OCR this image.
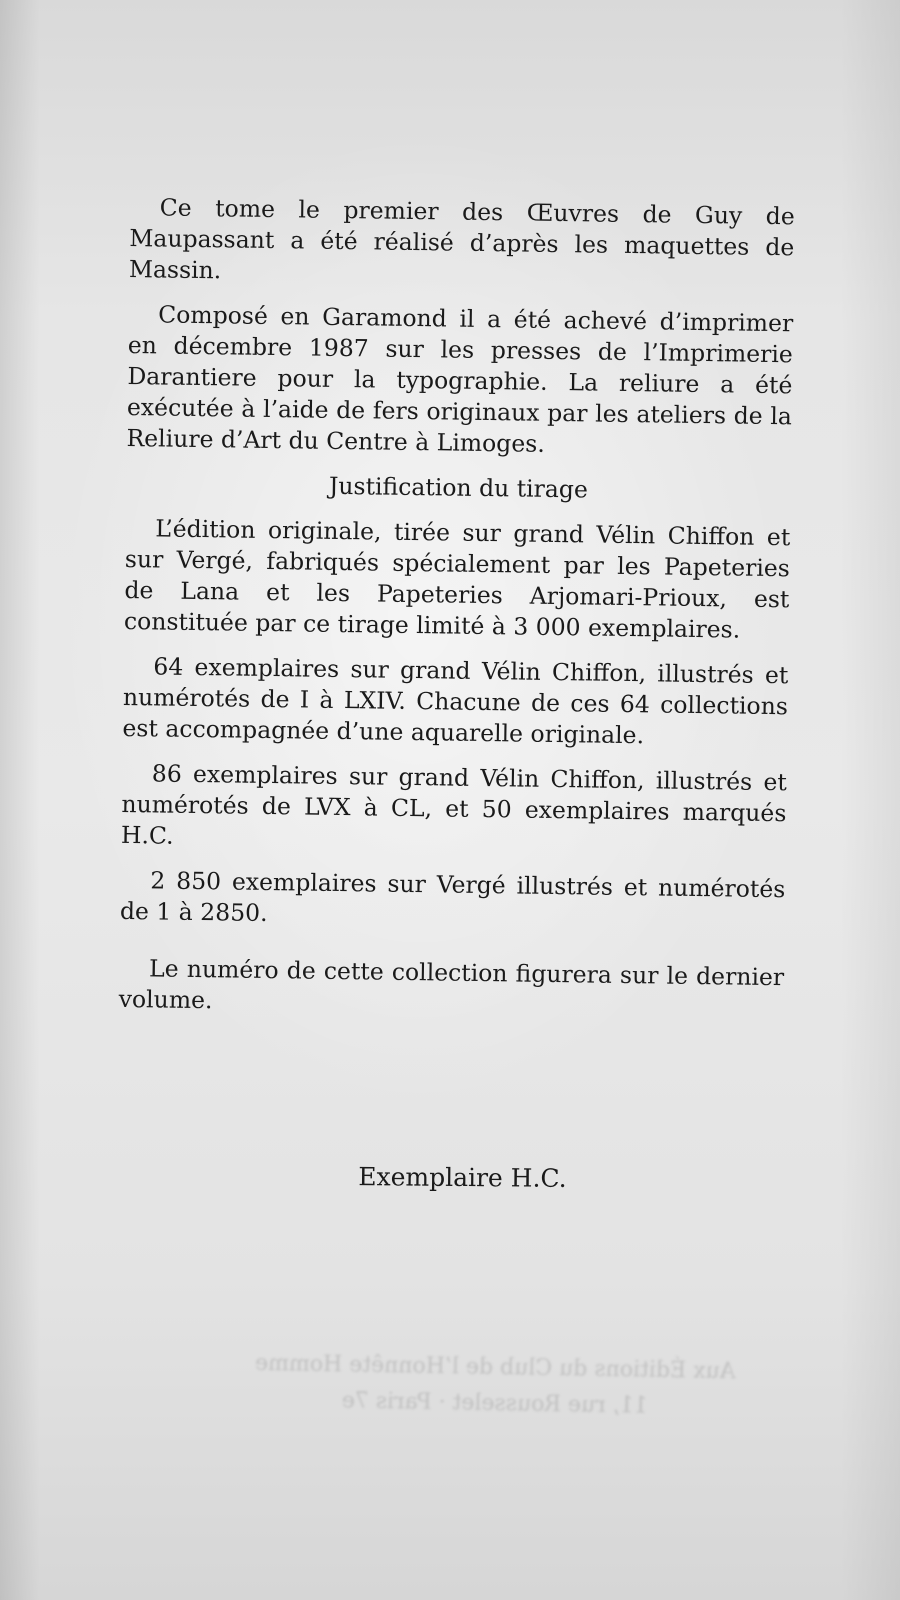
Ce tome le premier des Œuvres de Guy de Maupassant a été réalisé d’après les maquettes de Massin.

Composé en Garamond il a été achevé d’imprimer en décembre 1987 sur les presses de l’Imprimerie Darantiere pour la typographie. La reliure a été exécutée à l’aide de fers originaux par les ateliers de la Reliure d’Art du Centre à Limoges.

Justification du tirage

L’édition originale, tirée sur grand Vélin Chiffon et sur Vergé, fabriqués spécialement par les Papeteries de Lana et les Papeteries Arjomari-Prioux, est constituée par ce tirage limité à 3 000 exemplaires.

64 exemplaires sur grand Vélin Chiffon, illustrés et numérotés de I à LXIV. Chacune de ces 64 collections est accompagnée d’une aquarelle originale.

86 exemplaires sur grand Vélin Chiffon, illustrés et numérotés de LVX à CL, et 50 exemplaires marqués H.C.

2 850 exemplaires sur Vergé illustrés et numérotés de 1 à 2850.

Le numéro de cette collection figurera sur le dernier volume.

Exemplaire H.C.
Aux Éditions du Club de l’Honnête Homme
11, rue Rousselet · Paris 7e
